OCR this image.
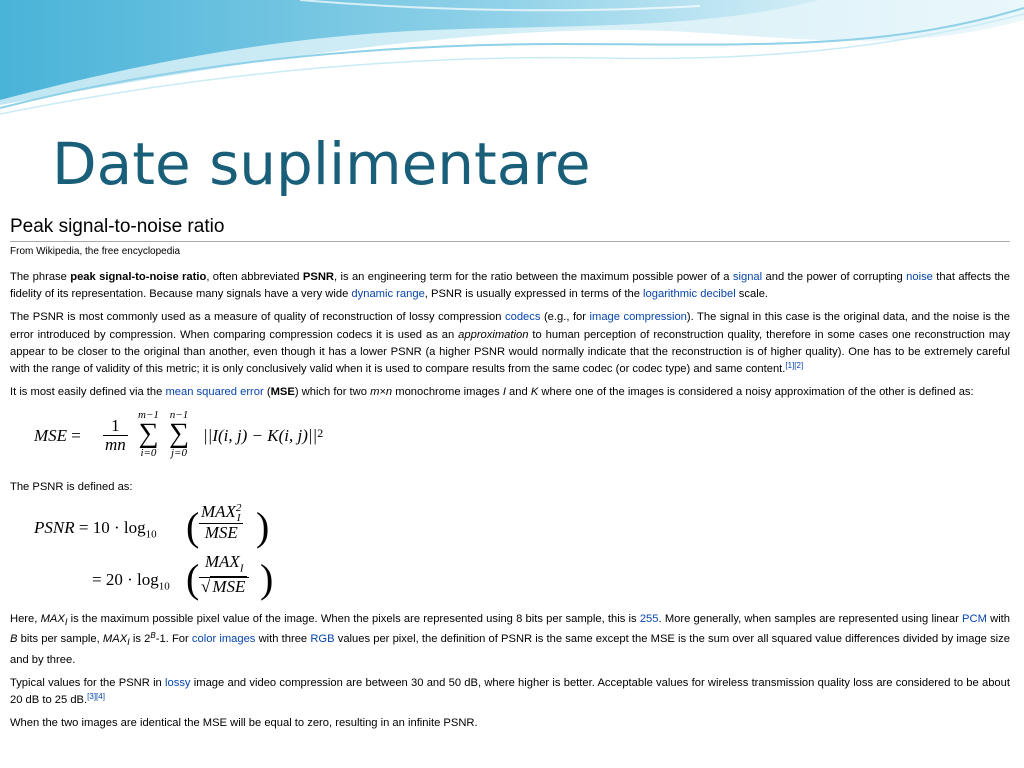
Date suplimentare
Peak signal-to-noise ratio
From Wikipedia, the free encyclopedia

The phrase peak signal-to-noise ratio, often abbreviated PSNR, is an engineering term for the ratio between the maximum possible power of a signal and the power of corrupting noise that affects the fidelity of its representation. Because many signals have a very wide dynamic range, PSNR is usually expressed in terms of the logarithmic decibel scale.

The PSNR is most commonly used as a measure of quality of reconstruction of lossy compression codecs (e.g., for image compression). The signal in this case is the original data, and the noise is the error introduced by compression. When comparing compression codecs it is used as an approximation to human perception of reconstruction quality, therefore in some cases one reconstruction may appear to be closer to the original than another, even though it has a lower PSNR (a higher PSNR would normally indicate that the reconstruction is of higher quality). One has to be extremely careful with the range of validity of this metric; it is only conclusively valid when it is used to compare results from the same codec (or codec type) and same content.[1][2]

It is most easily defined via the mean squared error (MSE) which for two m×n monochrome images I and K where one of the images is considered a noisy approximation of the other is defined as:

MSE = $\frac{1}{mn}$
m−1
∑
i=0
n−1
∑
j=0
||I(i, j) − K(i, $j)||^2$

The PSNR is defined as:

PSNR = $10 \cdot \log_{10}$ ( MAX 2
I
MSE )
= $20 \cdot \log_{10}$ ( $MAX_I$
√ MSE )

Here, $MAX_I$ is the maximum possible pixel value of the image. When the pixels are represented using 8 bits per sample, this is 255. More generally, when samples are represented using linear PCM with B bits per sample, $MAX_I$ is $2^B-1$. For color images with three RGB values per pixel, the definition of PSNR is the same except the MSE is the sum over all squared value differences divided by image size and by three.

Typical values for the PSNR in lossy image and video compression are between 30 and 50 dB, where higher is better. Acceptable values for wireless transmission quality loss are considered to be about 20 dB to 25 dB.[3][4]

When the two images are identical the MSE will be equal to zero, resulting in an infinite PSNR.
